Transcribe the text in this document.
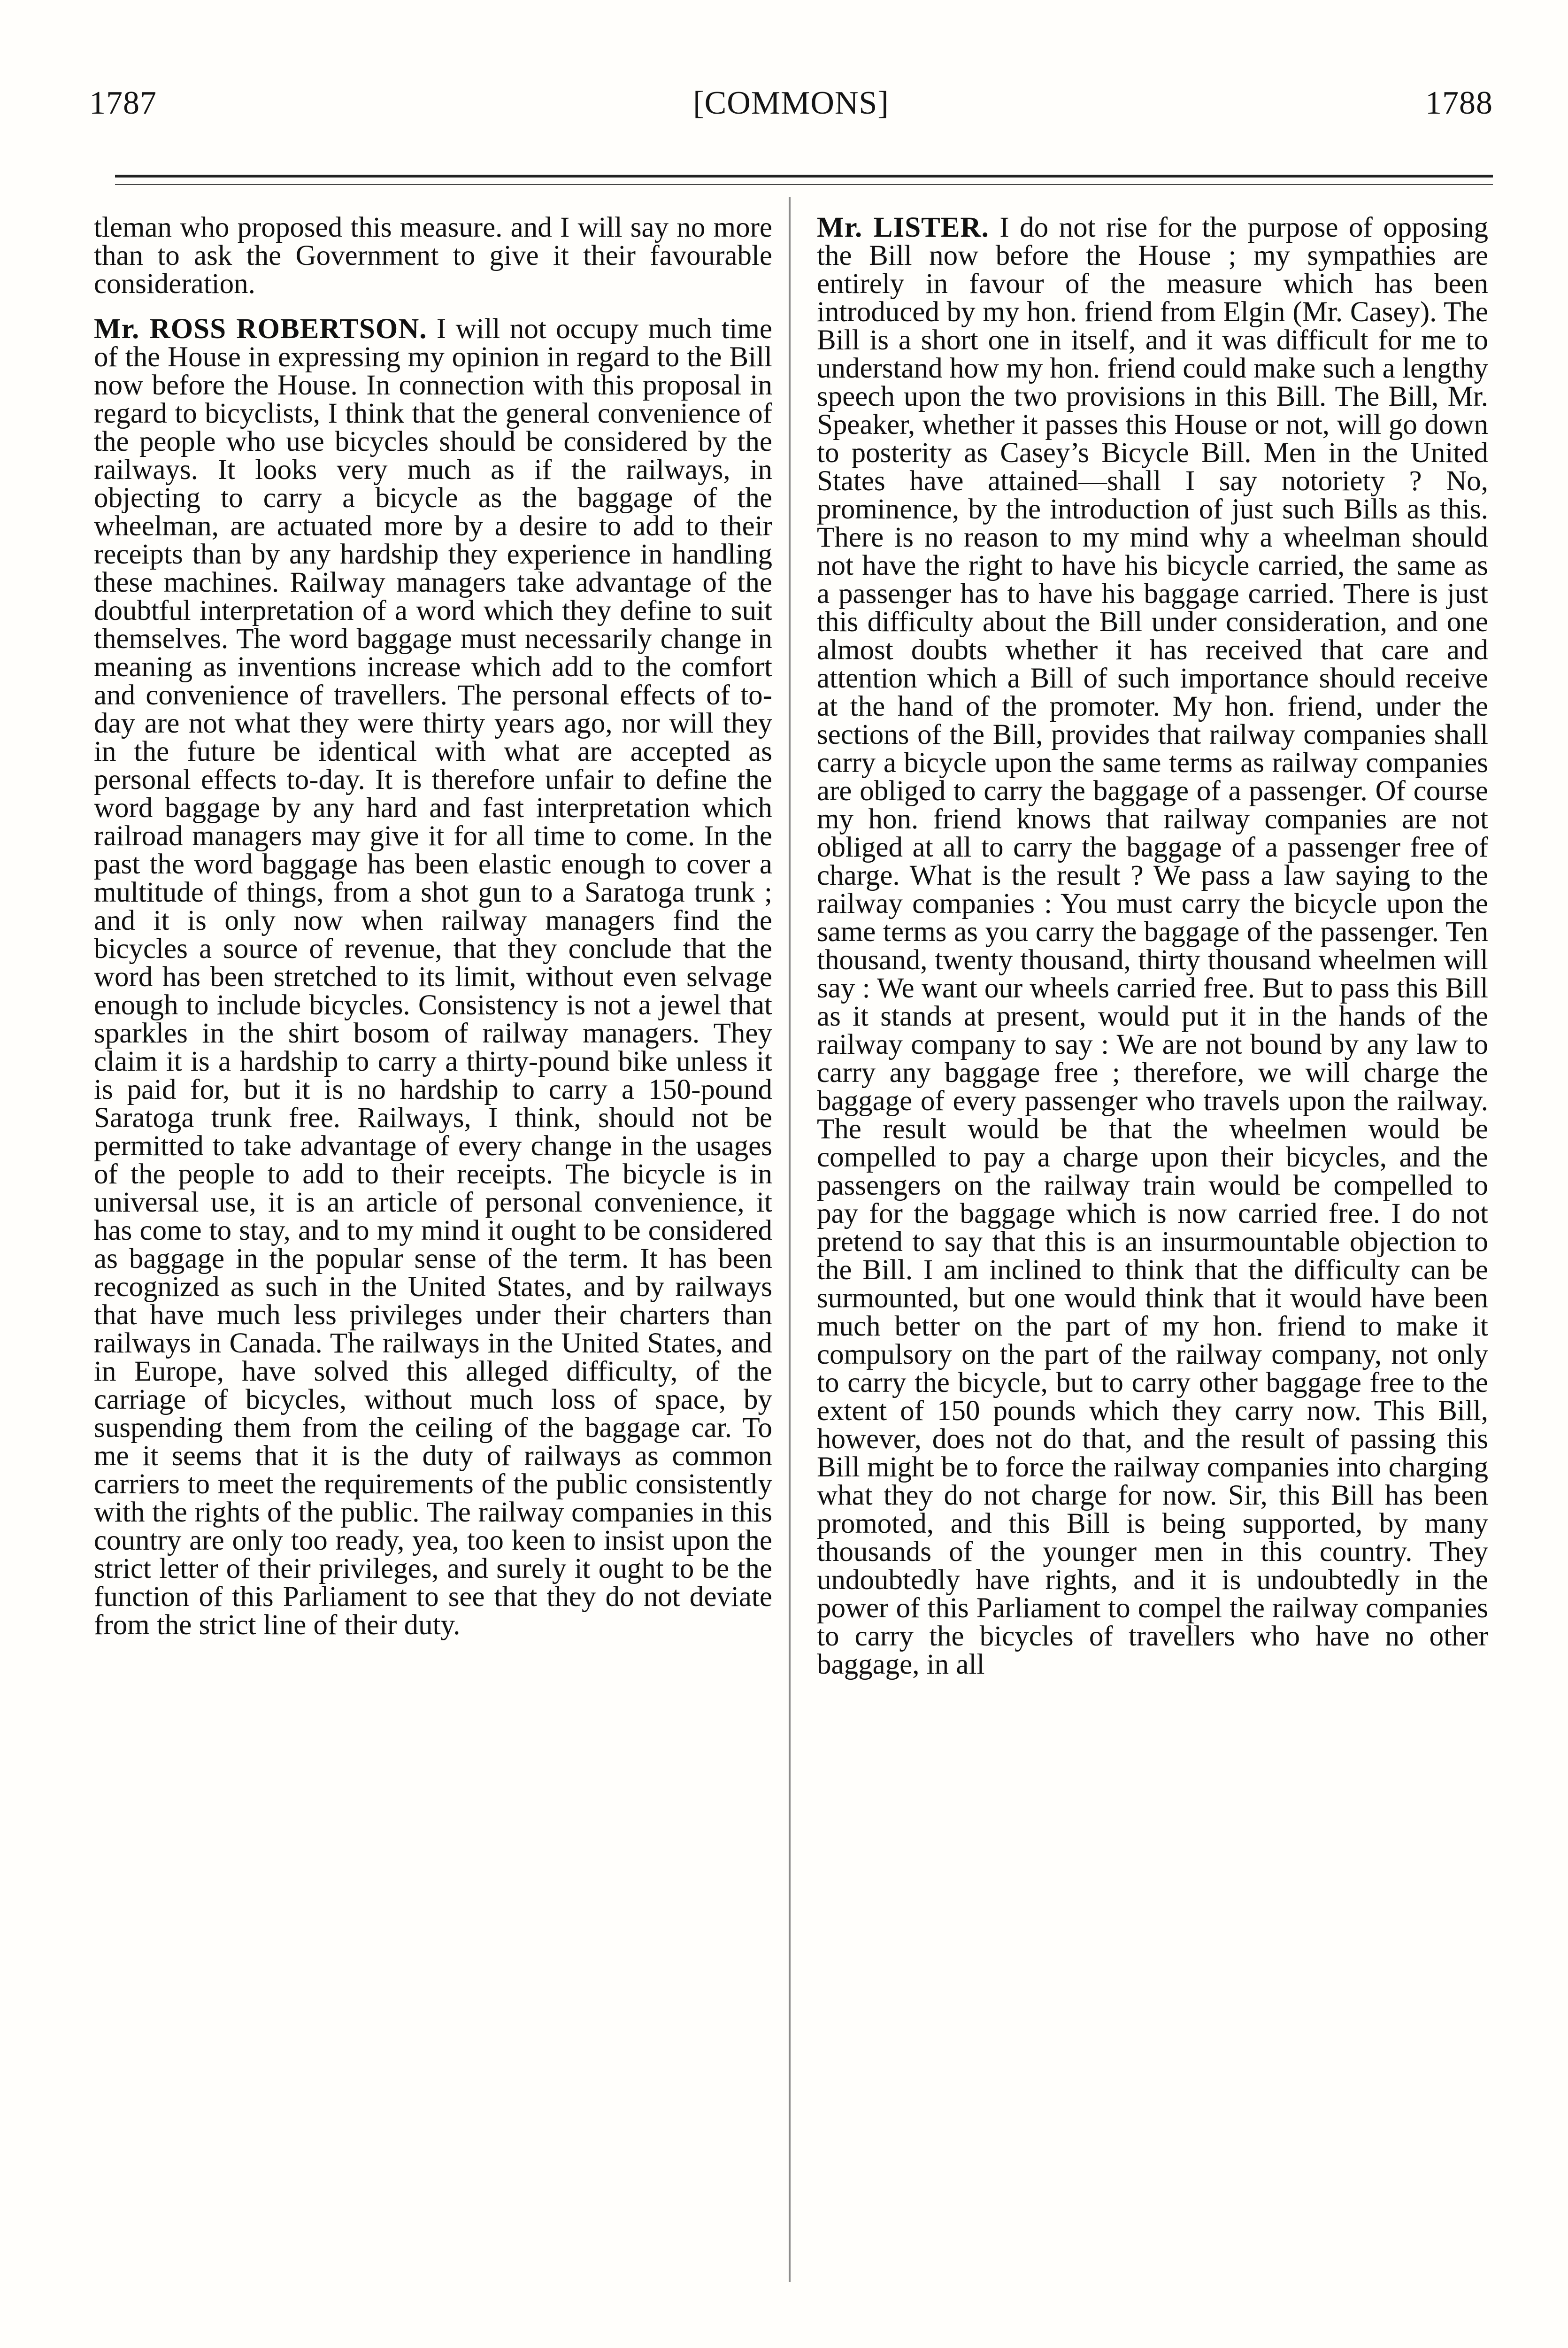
1787	[COMMONS]	1788

tleman who proposed this measure. and I will say no more than to ask the Government to give it their favourable consideration.

Mr. ROSS ROBERTSON. I will not occupy much time of the House in expressing my opinion in regard to the Bill now before the House. In connection with this proposal in regard to bicyclists, I think that the general convenience of the people who use bicycles should be considered by the railways. It looks very much as if the railways, in objecting to carry a bicycle as the baggage of the wheelman, are actuated more by a desire to add to their receipts than by any hardship they experience in handling these machines. Railway managers take advantage of the doubtful interpretation of a word which they define to suit themselves. The word baggage must necessarily change in meaning as inventions increase which add to the comfort and convenience of travellers. The personal effects of to-day are not what they were thirty years ago, nor will they in the future be identical with what are accepted as personal effects to-day. It is therefore unfair to define the word baggage by any hard and fast interpretation which railroad managers may give it for all time to come. In the past the word baggage has been elastic enough to cover a multitude of things, from a shot gun to a Saratoga trunk ; and it is only now when railway managers find the bicycles a source of revenue, that they conclude that the word has been stretched to its limit, without even selvage enough to include bicycles. Consistency is not a jewel that sparkles in the shirt bosom of railway managers. They claim it is a hardship to carry a thirty-pound bike unless it is paid for, but it is no hardship to carry a 150-pound Saratoga trunk free. Railways, I think, should not be permitted to take advantage of every change in the usages of the people to add to their receipts. The bicycle is in universal use, it is an article of personal convenience, it has come to stay, and to my mind it ought to be considered as baggage in the popular sense of the term. It has been recognized as such in the United States, and by railways that have much less privileges under their charters than railways in Canada. The railways in the United States, and in Europe, have solved this alleged difficulty, of the carriage of bicycles, without much loss of space, by suspending them from the ceiling of the baggage car. To me it seems that it is the duty of railways as common carriers to meet the requirements of the public consistently with the rights of the public. The railway companies in this country are only too ready, yea, too keen to insist upon the strict letter of their privileges, and surely it ought to be the function of this Parliament to see that they do not deviate from the strict line of their duty.

Mr. LISTER. I do not rise for the purpose of opposing the Bill now before the House ; my sympathies are entirely in favour of the measure which has been introduced by my hon. friend from Elgin (Mr. Casey). The Bill is a short one in itself, and it was difficult for me to understand how my hon. friend could make such a lengthy speech upon the two provisions in this Bill. The Bill, Mr. Speaker, whether it passes this House or not, will go down to posterity as Casey’s Bicycle Bill. Men in the United States have attained—shall I say notoriety ? No, prominence, by the introduction of just such Bills as this. There is no reason to my mind why a wheelman should not have the right to have his bicycle carried, the same as a passenger has to have his baggage carried. There is just this difficulty about the Bill under consideration, and one almost doubts whether it has received that care and attention which a Bill of such importance should receive at the hand of the promoter. My hon. friend, under the sections of the Bill, provides that railway companies shall carry a bicycle upon the same terms as railway companies are obliged to carry the baggage of a passenger. Of course my hon. friend knows that railway companies are not obliged at all to carry the baggage of a passenger free of charge. What is the result ? We pass a law saying to the railway companies : You must carry the bicycle upon the same terms as you carry the baggage of the passenger. Ten thousand, twenty thousand, thirty thousand wheelmen will say : We want our wheels carried free. But to pass this Bill as it stands at present, would put it in the hands of the railway company to say : We are not bound by any law to carry any baggage free ; therefore, we will charge the baggage of every passenger who travels upon the railway. The result would be that the wheelmen would be compelled to pay a charge upon their bicycles, and the passengers on the railway train would be compelled to pay for the baggage which is now carried free. I do not pretend to say that this is an insurmountable objection to the Bill. I am inclined to think that the difficulty can be surmounted, but one would think that it would have been much better on the part of my hon. friend to make it compulsory on the part of the railway company, not only to carry the bicycle, but to carry other baggage free to the extent of 150 pounds which they carry now. This Bill, however, does not do that, and the result of passing this Bill might be to force the railway companies into charging what they do not charge for now. Sir, this Bill has been promoted, and this Bill is being supported, by many thousands of the younger men in this country. They undoubtedly have rights, and it is undoubtedly in the power of this Parliament to compel the railway companies to carry the bicycles of travellers who have no other baggage, in all
